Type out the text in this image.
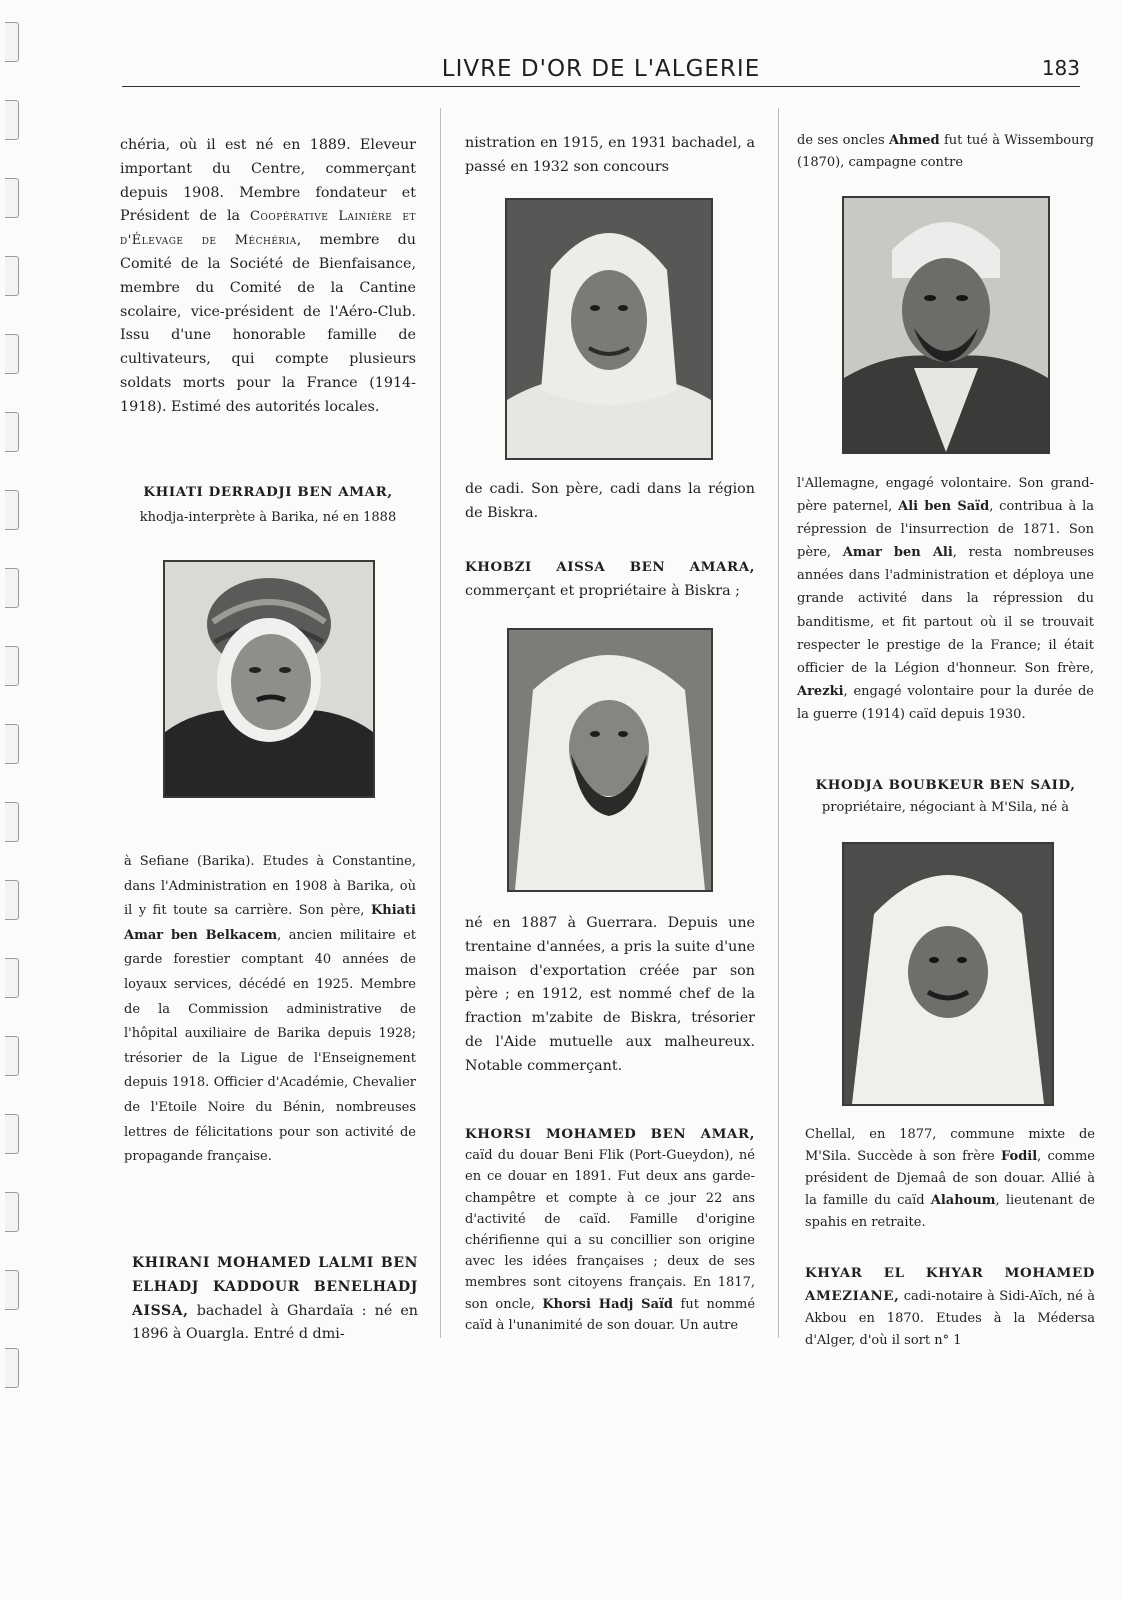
LIVRE D'OR DE L'ALGERIE	183

chéria, où il est né en 1889. Eleveur important du Centre, commerçant depuis 1908. Membre fondateur et Président de la Coopérative Lainière et d'Élevage de Méchéria, membre du Comité de la Société de Bienfaisance, membre du Comité de la Cantine scolaire, vice-président de l'Aéro-Club. Issu d'une honorable famille de cultivateurs, qui compte plusieurs soldats morts pour la France (1914-1918). Estimé des autorités locales.

KHIATI DERRADJI BEN AMAR,
khodja-interprète à Barika, né en 1888

à Sefiane (Barika). Etudes à Constantine, dans l'Administration en 1908 à Barika, où il y fit toute sa carrière. Son père, Khiati Amar ben Belkacem, ancien militaire et garde forestier comptant 40 années de loyaux services, décédé en 1925. Membre de la Commission administrative de l'hôpital auxiliaire de Barika depuis 1928; trésorier de la Ligue de l'Enseignement depuis 1918. Officier d'Académie, Chevalier de l'Etoile Noire du Bénin, nombreuses lettres de félicitations pour son activité de propagande française.

KHIRANI MOHAMED LALMI BEN ELHADJ KADDOUR BENELHADJ AISSA, bachadel à Ghardaïa : né en 1896 à Ouargla. Entré d dmi-

nistration en 1915, en 1931 bachadel, a passé en 1932 son concours

de cadi. Son père, cadi dans la région de Biskra.

KHOBZI AISSA BEN AMARA, commerçant et propriétaire à Biskra ;

né en 1887 à Guerrara. Depuis une trentaine d'années, a pris la suite d'une maison d'exportation créée par son père ; en 1912, est nommé chef de la fraction m'zabite de Biskra, trésorier de l'Aide mutuelle aux malheureux. Notable commerçant.

KHORSI MOHAMED BEN AMAR, caïd du douar Beni Flik (Port-Gueydon), né en ce douar en 1891. Fut deux ans garde-champêtre et compte à ce jour 22 ans d'activité de caïd. Famille d'origine chérifienne qui a su concillier son origine avec les idées françaises ; deux de ses membres sont citoyens français. En 1817, son oncle, Khorsi Hadj Saïd fut nommé caïd à l'unanimité de son douar. Un autre

de ses oncles Ahmed fut tué à Wissembourg (1870), campagne contre

l'Allemagne, engagé volontaire. Son grand-père paternel, Ali ben Saïd, contribua à la répression de l'insurrection de 1871. Son père, Amar ben Ali, resta nombreuses années dans l'administration et déploya une grande activité dans la répression du banditisme, et fit partout où il se trouvait respecter le prestige de la France; il était officier de la Légion d'honneur. Son frère, Arezki, engagé volontaire pour la durée de la guerre (1914) caïd depuis 1930.

KHODJA BOUBKEUR BEN SAID,
propriétaire, négociant à M'Sila, né à

Chellal, en 1877, commune mixte de M'Sila. Succède à son frère Fodil, comme président de Djemaâ de son douar. Allié à la famille du caïd Alahoum, lieutenant de spahis en retraite.

KHYAR EL KHYAR MOHAMED AMEZIANE, cadi-notaire à Sidi-Aïch, né à Akbou en 1870. Etudes à la Médersa d'Alger, d'où il sort n° 1
